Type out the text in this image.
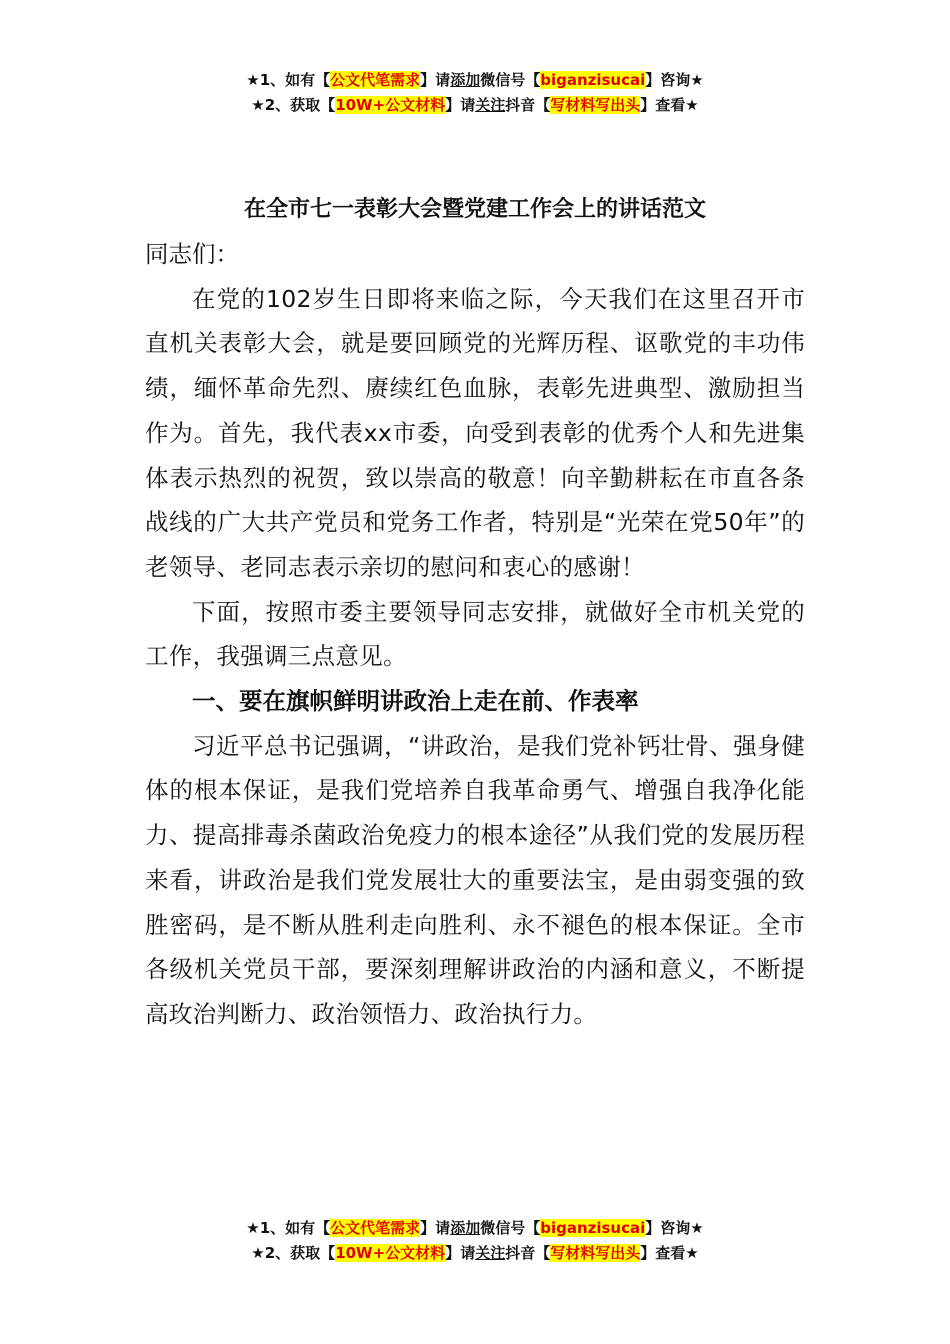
★1、如有【公文代笔需求】请添加微信号【biganzisucai】咨询★
★2、获取【10W+公文材料】请关注抖音【写材料写出头】查看★
在全市七一表彰大会暨党建工作会上的讲话范文

同志们：

在党的102岁生日即将来临之际，今天我们在这里召开市直机关表彰大会，就是要回顾党的光辉历程、讴歌党的丰功伟绩，缅怀革命先烈、赓续红色血脉，表彰先进典型、激励担当作为。首先，我代表xx市委，向受到表彰的优秀个人和先进集体表示热烈的祝贺，致以崇高的敬意！向辛勤耕耘在市直各条战线的广大共产党员和党务工作者，特别是“光荣在党50年”的老领导、老同志表示亲切的慰问和衷心的感谢！

下面，按照市委主要领导同志安排，就做好全市机关党的工作，我强调三点意见。

一、要在旗帜鲜明讲政治上走在前、作表率

习近平总书记强调，“讲政治，是我们党补钙壮骨、强身健体的根本保证，是我们党培养自我革命勇气、增强自我净化能力、提高排毒杀菌政治免疫力的根本途径”从我们党的发展历程来看，讲政治是我们党发展壮大的重要法宝，是由弱变强的致胜密码，是不断从胜利走向胜利、永不褪色的根本保证。全市各级机关党员干部，要深刻理解讲政治的内涵和意义，不断提高玫治判断力、政治领悟力、政治执行力。

★1、如有【公文代笔需求】请添加微信号【biganzisucai】咨询★
★2、获取【10W+公文材料】请关注抖音【写材料写出头】查看★
